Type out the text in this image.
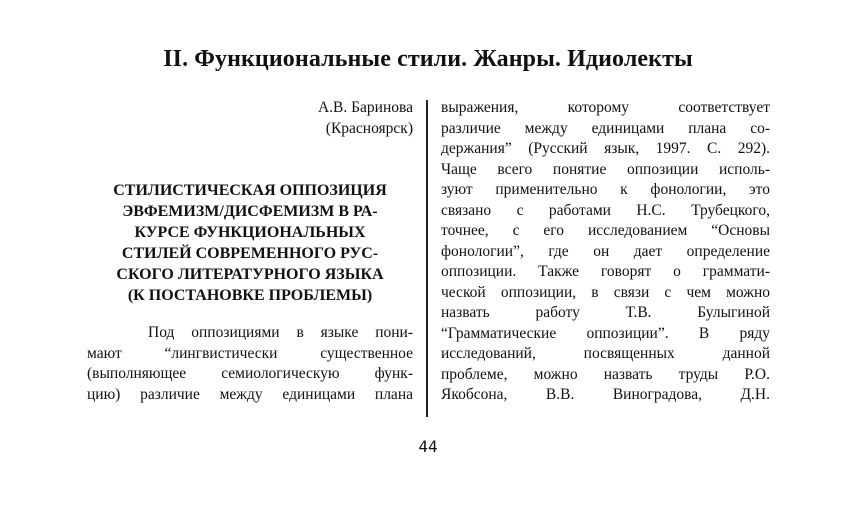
II. Функциональные стили. Жанры. Идиолекты
А.В. Баринова
(Красноярск)
СТИЛИСТИЧЕСКАЯ ОППОЗИЦИЯ
ЭВФЕМИЗМ/ДИСФЕМИЗМ В РА-
КУРСЕ ФУНКЦИОНАЛЬНЫХ
СТИЛЕЙ СОВРЕМЕННОГО РУС-
СКОГО ЛИТЕРАТУРНОГО ЯЗЫКА
(К ПОСТАНОВКЕ ПРОБЛЕМЫ)
Под оппозициями в языке пони-
мают “лингвистически существенное
(выполняющее семиологическую функ-
цию) различие между единицами плана
выражения, которому соответствует
различие между единицами плана со-
держания” (Русский язык, 1997. С. 292).
Чаще всего понятие оппозиции исполь-
зуют применительно к фонологии, это
связано с работами Н.С. Трубецкого,
точнее, с его исследованием “Основы
фонологии”, где он дает определение
оппозиции. Также говорят о граммати-
ческой оппозиции, в связи с чем можно
назвать работу Т.В. Булыгиной
“Грамматические оппозиции”. В ряду
исследований, посвященных данной
проблеме, можно назвать труды Р.О.
Якобсона, В.В. Виноградова, Д.Н.
44
